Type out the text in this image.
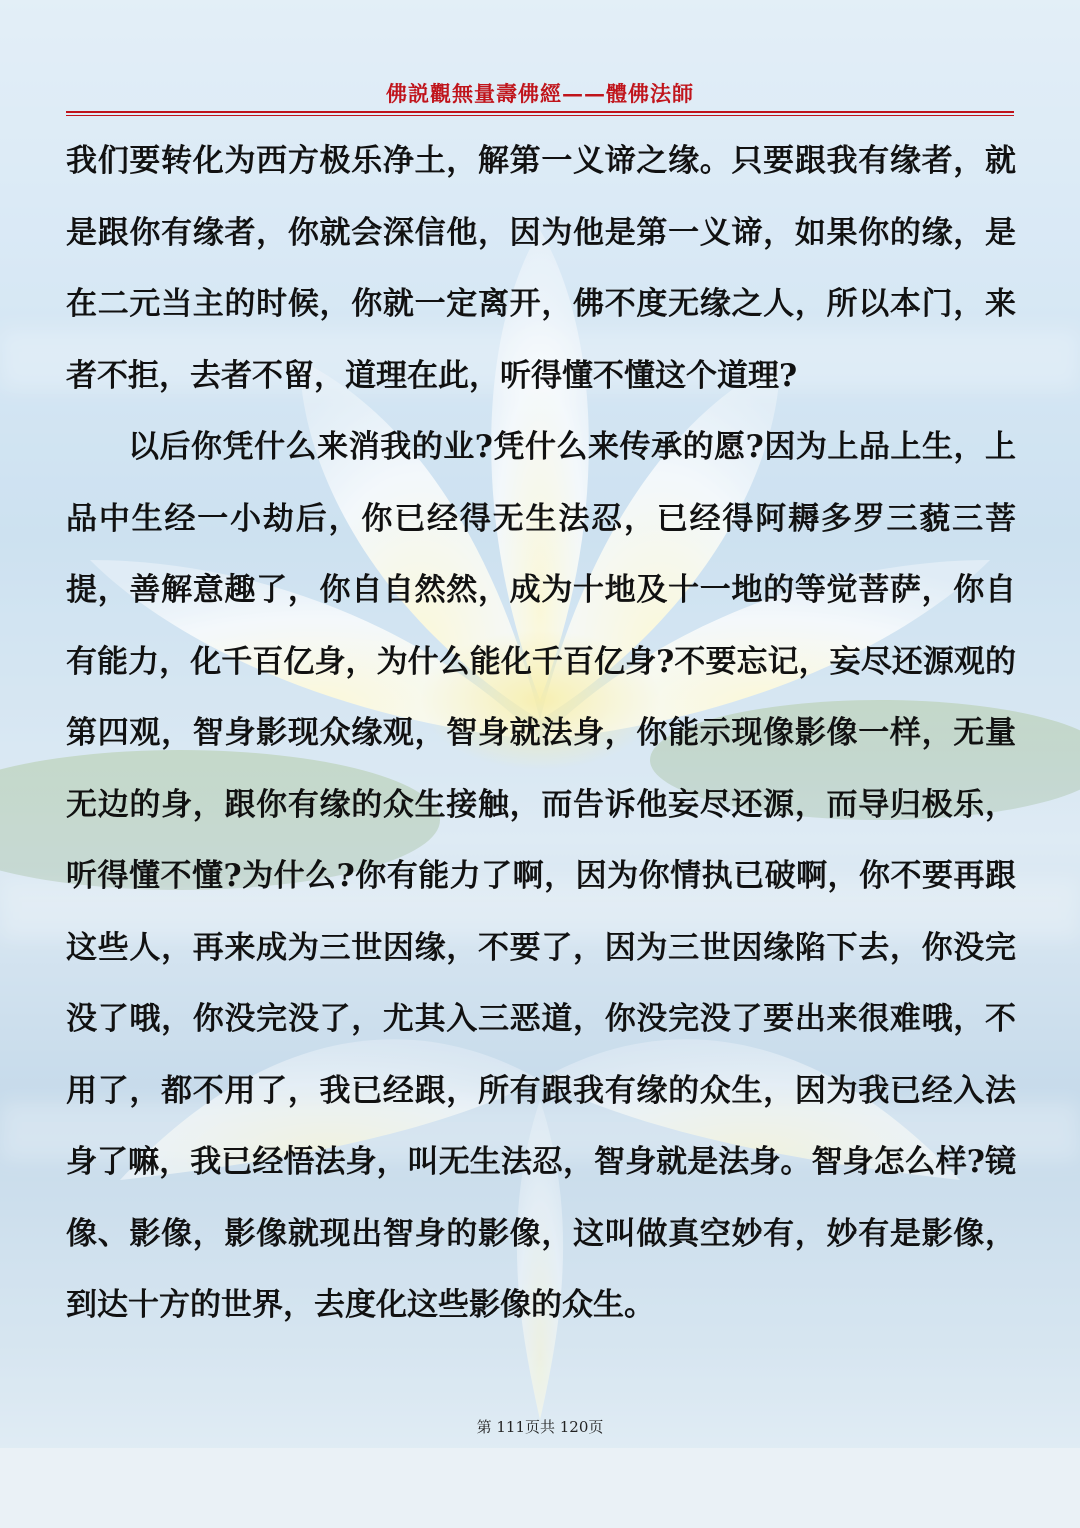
佛説觀無量壽佛經——體佛法師

我们要转化为西方极乐净土，解第一义谛之缘。只要跟我有缘者，就是跟你有缘者，你就会深信他，因为他是第一义谛，如果你的缘，是在二元当主的时候，你就一定离开，佛不度无缘之人，所以本门，来者不拒，去者不留，道理在此，听得懂不懂这个道理?

以后你凭什么来消我的业?凭什么来传承的愿?因为上品上生，上品中生经一小劫后，你已经得无生法忍，已经得阿耨多罗三藐三菩提，善解意趣了，你自自然然，成为十地及十一地的等觉菩萨，你自有能力，化千百亿身，为什么能化千百亿身?不要忘记，妄尽还源观的第四观，智身影现众缘观，智身就法身，你能示现像影像一样，无量无边的身，跟你有缘的众生接触，而告诉他妄尽还源，而导归极乐，听得懂不懂?为什么?你有能力了啊，因为你情执已破啊，你不要再跟这些人，再来成为三世因缘，不要了，因为三世因缘陷下去，你没完没了哦，你没完没了，尤其入三恶道，你没完没了要出来很难哦，不用了，都不用了，我已经跟，所有跟我有缘的众生，因为我已经入法身了嘛，我已经悟法身，叫无生法忍，智身就是法身。智身怎么样?镜像、影像，影像就现出智身的影像，这叫做真空妙有，妙有是影像，到达十方的世界，去度化这些影像的众生。

第 111页共 120页
